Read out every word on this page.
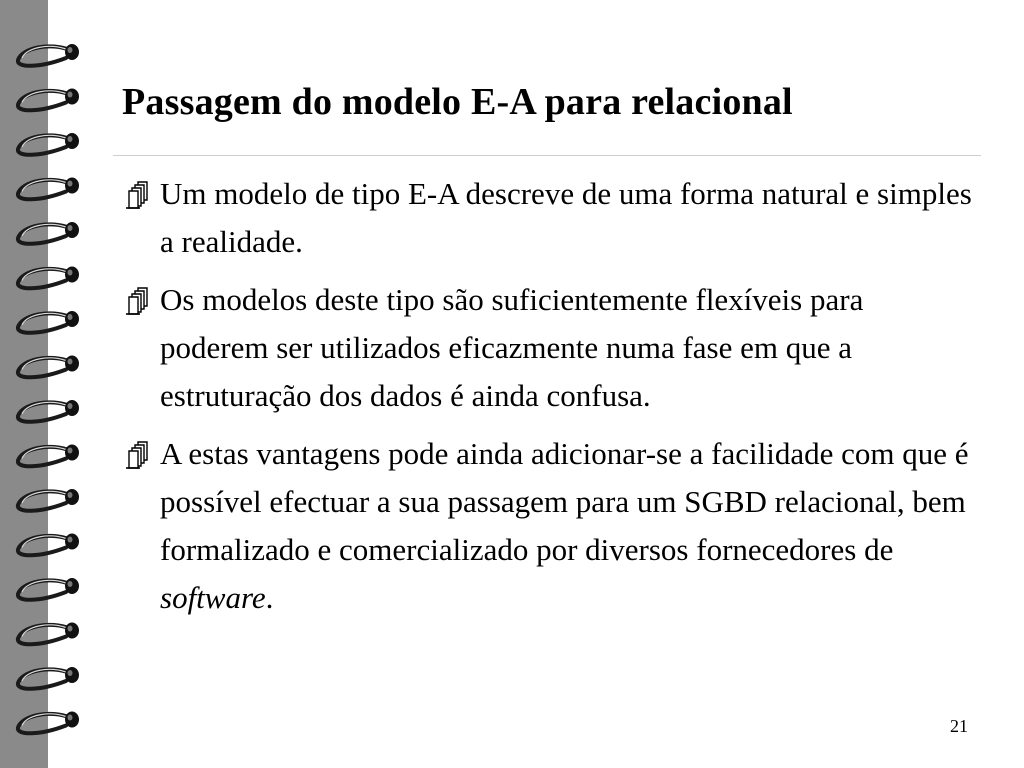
Passagem do modelo E-A para relacional
Um modelo de tipo E-A descreve de uma forma natural e simples a realidade.
Os modelos deste tipo são suficientemente flexíveis para poderem ser utilizados eficazmente numa fase em que a estruturação dos dados é ainda confusa.
A estas vantagens pode ainda adicionar-se a facilidade com que é possível efectuar a sua passagem para um SGBD relacional, bem formalizado e comercializado por diversos fornecedores de software.
21
